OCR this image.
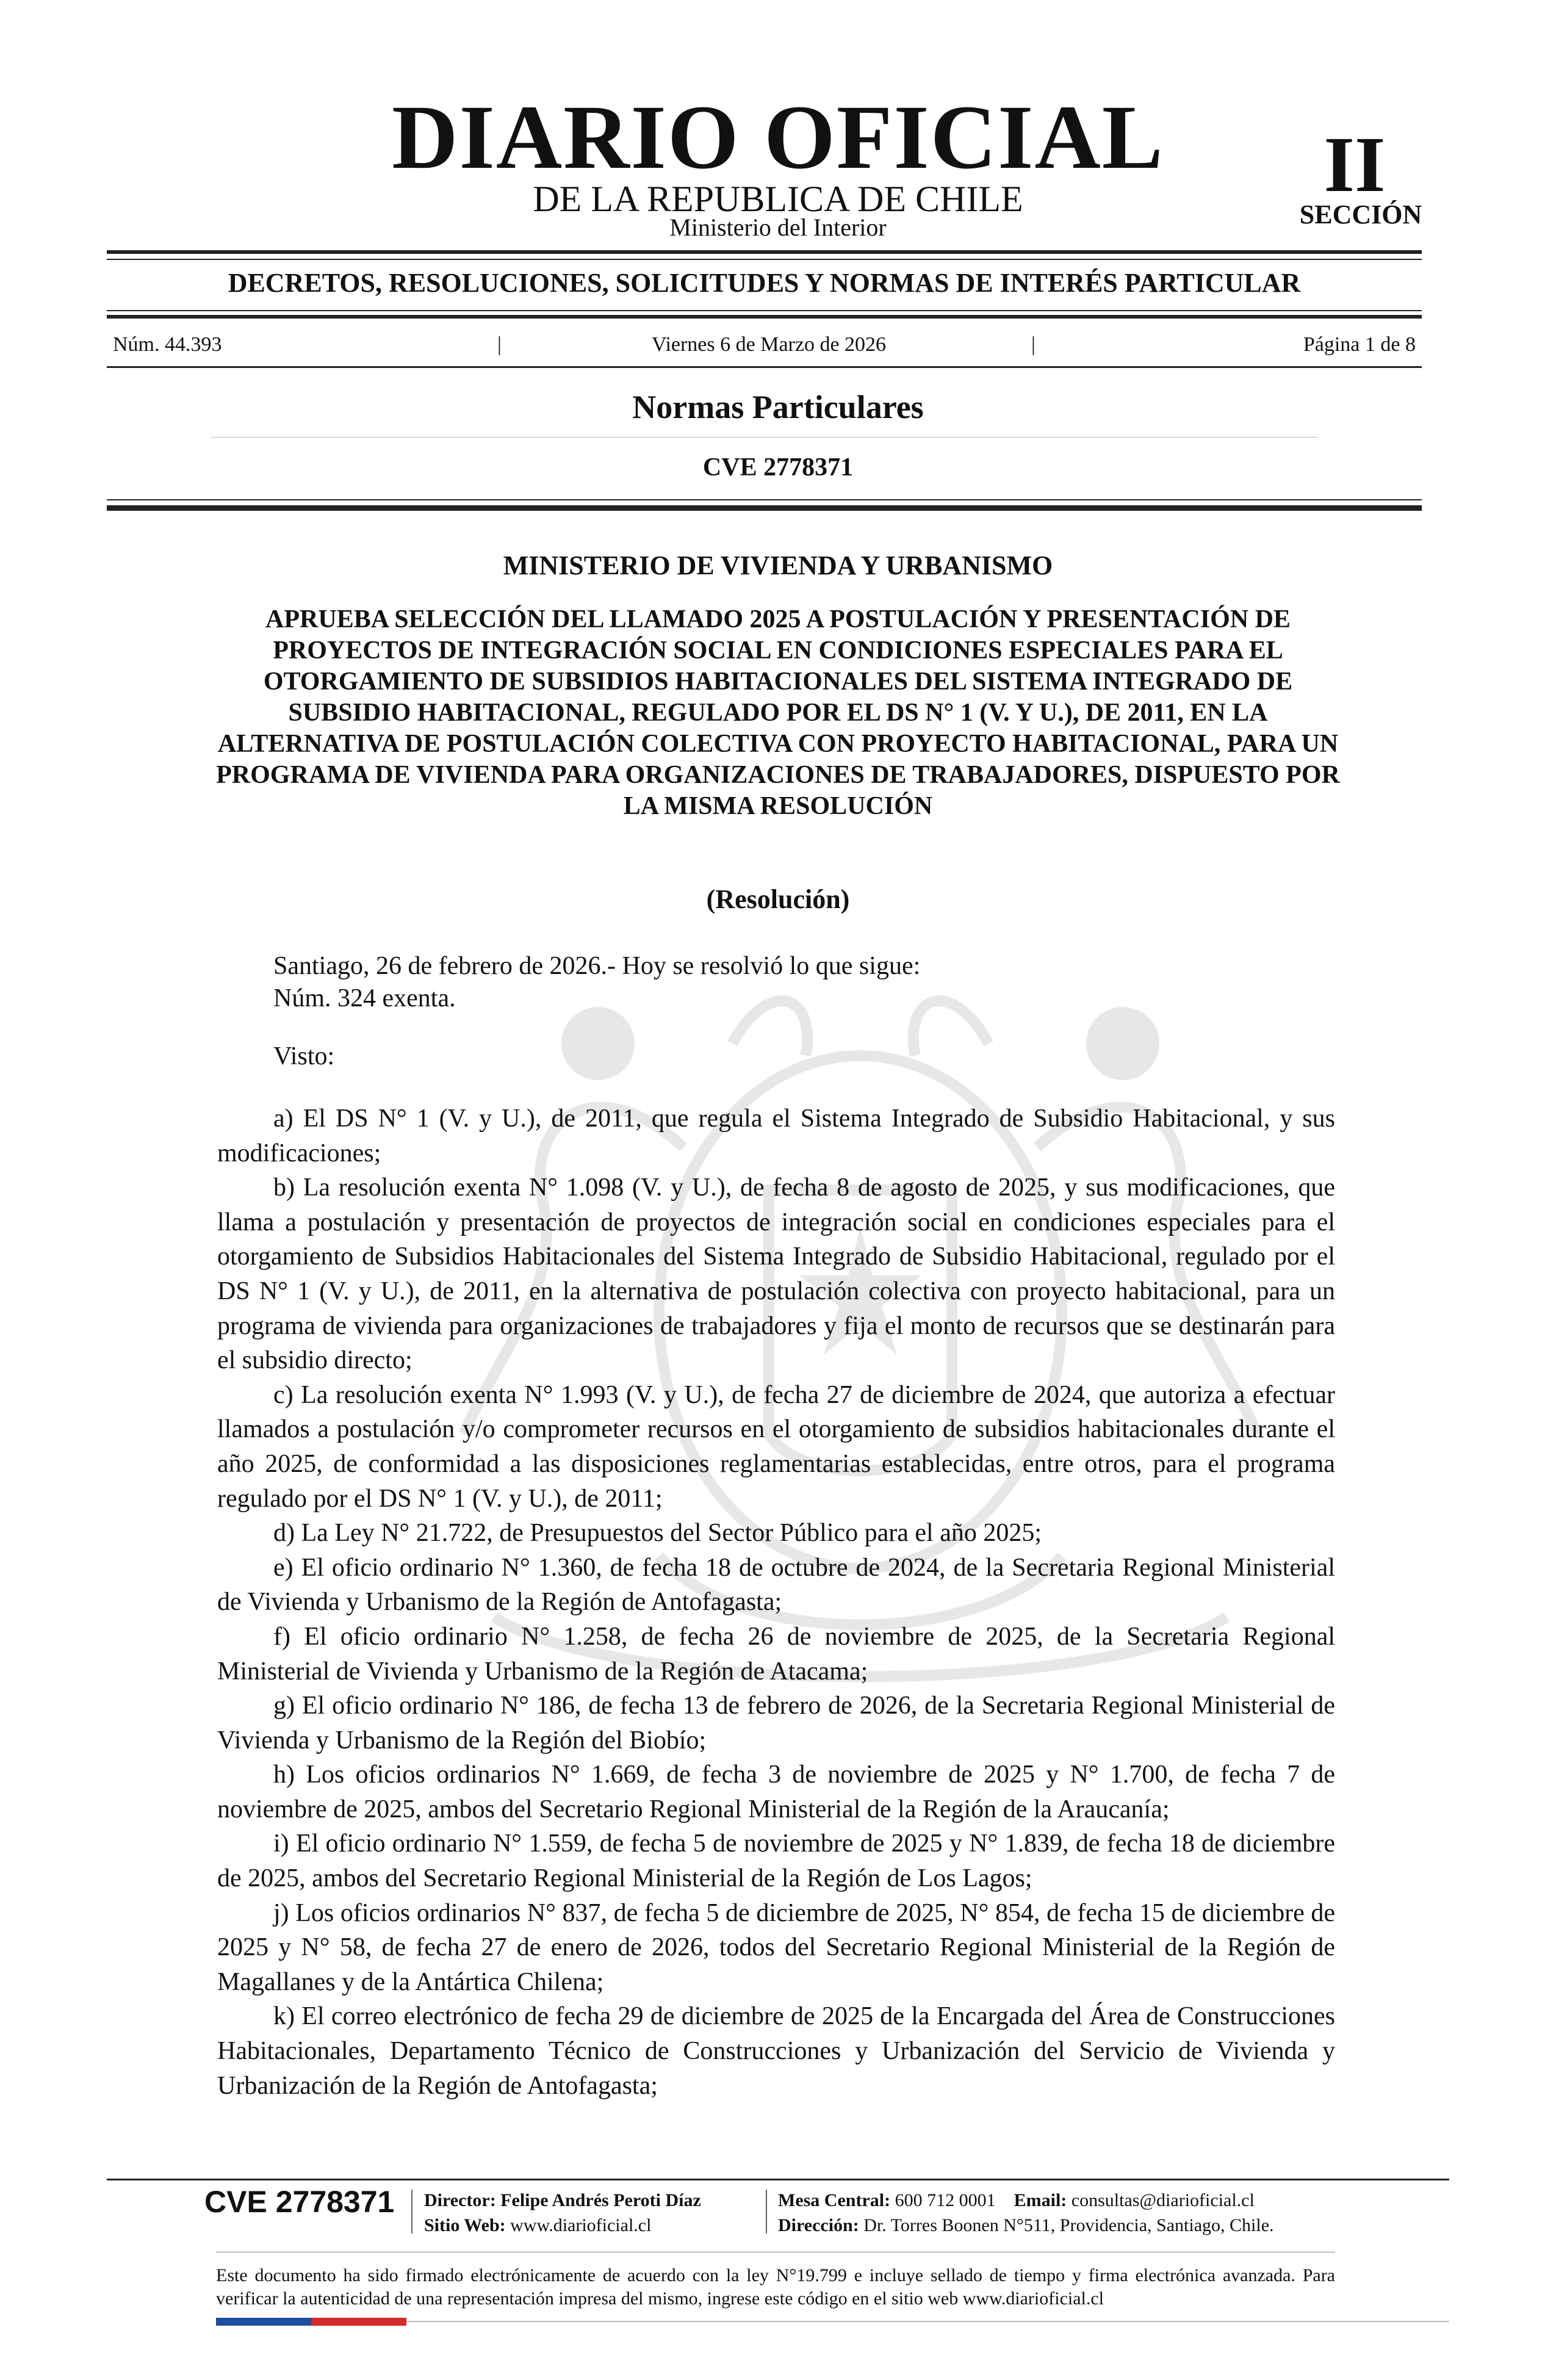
DIARIO OFICIAL
DE LA REPUBLICA DE CHILE
Ministerio del Interior
II
SECCIÓN
DECRETOS, RESOLUCIONES, SOLICITUDES Y NORMAS DE INTERÉS PARTICULAR
Núm. 44.393	|	Viernes 6 de Marzo de 2026	|	Página 1 de 8
Normas Particulares
CVE 2778371
MINISTERIO DE VIVIENDA Y URBANISMO
APRUEBA SELECCIÓN DEL LLAMADO 2025 A POSTULACIÓN Y PRESENTACIÓN DE PROYECTOS DE INTEGRACIÓN SOCIAL EN CONDICIONES ESPECIALES PARA EL OTORGAMIENTO DE SUBSIDIOS HABITACIONALES DEL SISTEMA INTEGRADO DE SUBSIDIO HABITACIONAL, REGULADO POR EL DS N° 1 (V. Y U.), DE 2011, EN LA ALTERNATIVA DE POSTULACIÓN COLECTIVA CON PROYECTO HABITACIONAL, PARA UN PROGRAMA DE VIVIENDA PARA ORGANIZACIONES DE TRABAJADORES, DISPUESTO POR LA MISMA RESOLUCIÓN
(Resolución)
Santiago, 26 de febrero de 2026.- Hoy se resolvió lo que sigue:
Núm. 324 exenta.
Visto:

a) El DS N° 1 (V. y U.), de 2011, que regula el Sistema Integrado de Subsidio Habitacional, y sus modificaciones;

b) La resolución exenta N° 1.098 (V. y U.), de fecha 8 de agosto de 2025, y sus modificaciones, que llama a postulación y presentación de proyectos de integración social en condiciones especiales para el otorgamiento de Subsidios Habitacionales del Sistema Integrado de Subsidio Habitacional, regulado por el DS N° 1 (V. y U.), de 2011, en la alternativa de postulación colectiva con proyecto habitacional, para un programa de vivienda para organizaciones de trabajadores y fija el monto de recursos que se destinarán para el subsidio directo;

c) La resolución exenta N° 1.993 (V. y U.), de fecha 27 de diciembre de 2024, que autoriza a efectuar llamados a postulación y/o comprometer recursos en el otorgamiento de subsidios habitacionales durante el año 2025, de conformidad a las disposiciones reglamentarias establecidas, entre otros, para el programa regulado por el DS N° 1 (V. y U.), de 2011;

d) La Ley N° 21.722, de Presupuestos del Sector Público para el año 2025;

e) El oficio ordinario N° 1.360, de fecha 18 de octubre de 2024, de la Secretaria Regional Ministerial de Vivienda y Urbanismo de la Región de Antofagasta;

f) El oficio ordinario N° 1.258, de fecha 26 de noviembre de 2025, de la Secretaria Regional Ministerial de Vivienda y Urbanismo de la Región de Atacama;

g) El oficio ordinario N° 186, de fecha 13 de febrero de 2026, de la Secretaria Regional Ministerial de Vivienda y Urbanismo de la Región del Biobío;

h) Los oficios ordinarios N° 1.669, de fecha 3 de noviembre de 2025 y N° 1.700, de fecha 7 de noviembre de 2025, ambos del Secretario Regional Ministerial de la Región de la Araucanía;

i) El oficio ordinario N° 1.559, de fecha 5 de noviembre de 2025 y N° 1.839, de fecha 18 de diciembre de 2025, ambos del Secretario Regional Ministerial de la Región de Los Lagos;

j) Los oficios ordinarios N° 837, de fecha 5 de diciembre de 2025, N° 854, de fecha 15 de diciembre de 2025 y N° 58, de fecha 27 de enero de 2026, todos del Secretario Regional Ministerial de la Región de Magallanes y de la Antártica Chilena;

k) El correo electrónico de fecha 29 de diciembre de 2025 de la Encargada del Área de Construcciones Habitacionales, Departamento Técnico de Construcciones y Urbanización del Servicio de Vivienda y Urbanización de la Región de Antofagasta;

CVE 2778371 Director: Felipe Andrés Peroti Díaz
Sitio Web: www.diarioficial.cl
Mesa Central: 600 712 0001 Email: consultas@diarioficial.cl
Dirección: Dr. Torres Boonen N°511, Providencia, Santiago, Chile.
Este documento ha sido firmado electrónicamente de acuerdo con la ley N°19.799 e incluye sellado de tiempo y firma electrónica avanzada. Para verificar la autenticidad de una representación impresa del mismo, ingrese este código en el sitio web www.diarioficial.cl
